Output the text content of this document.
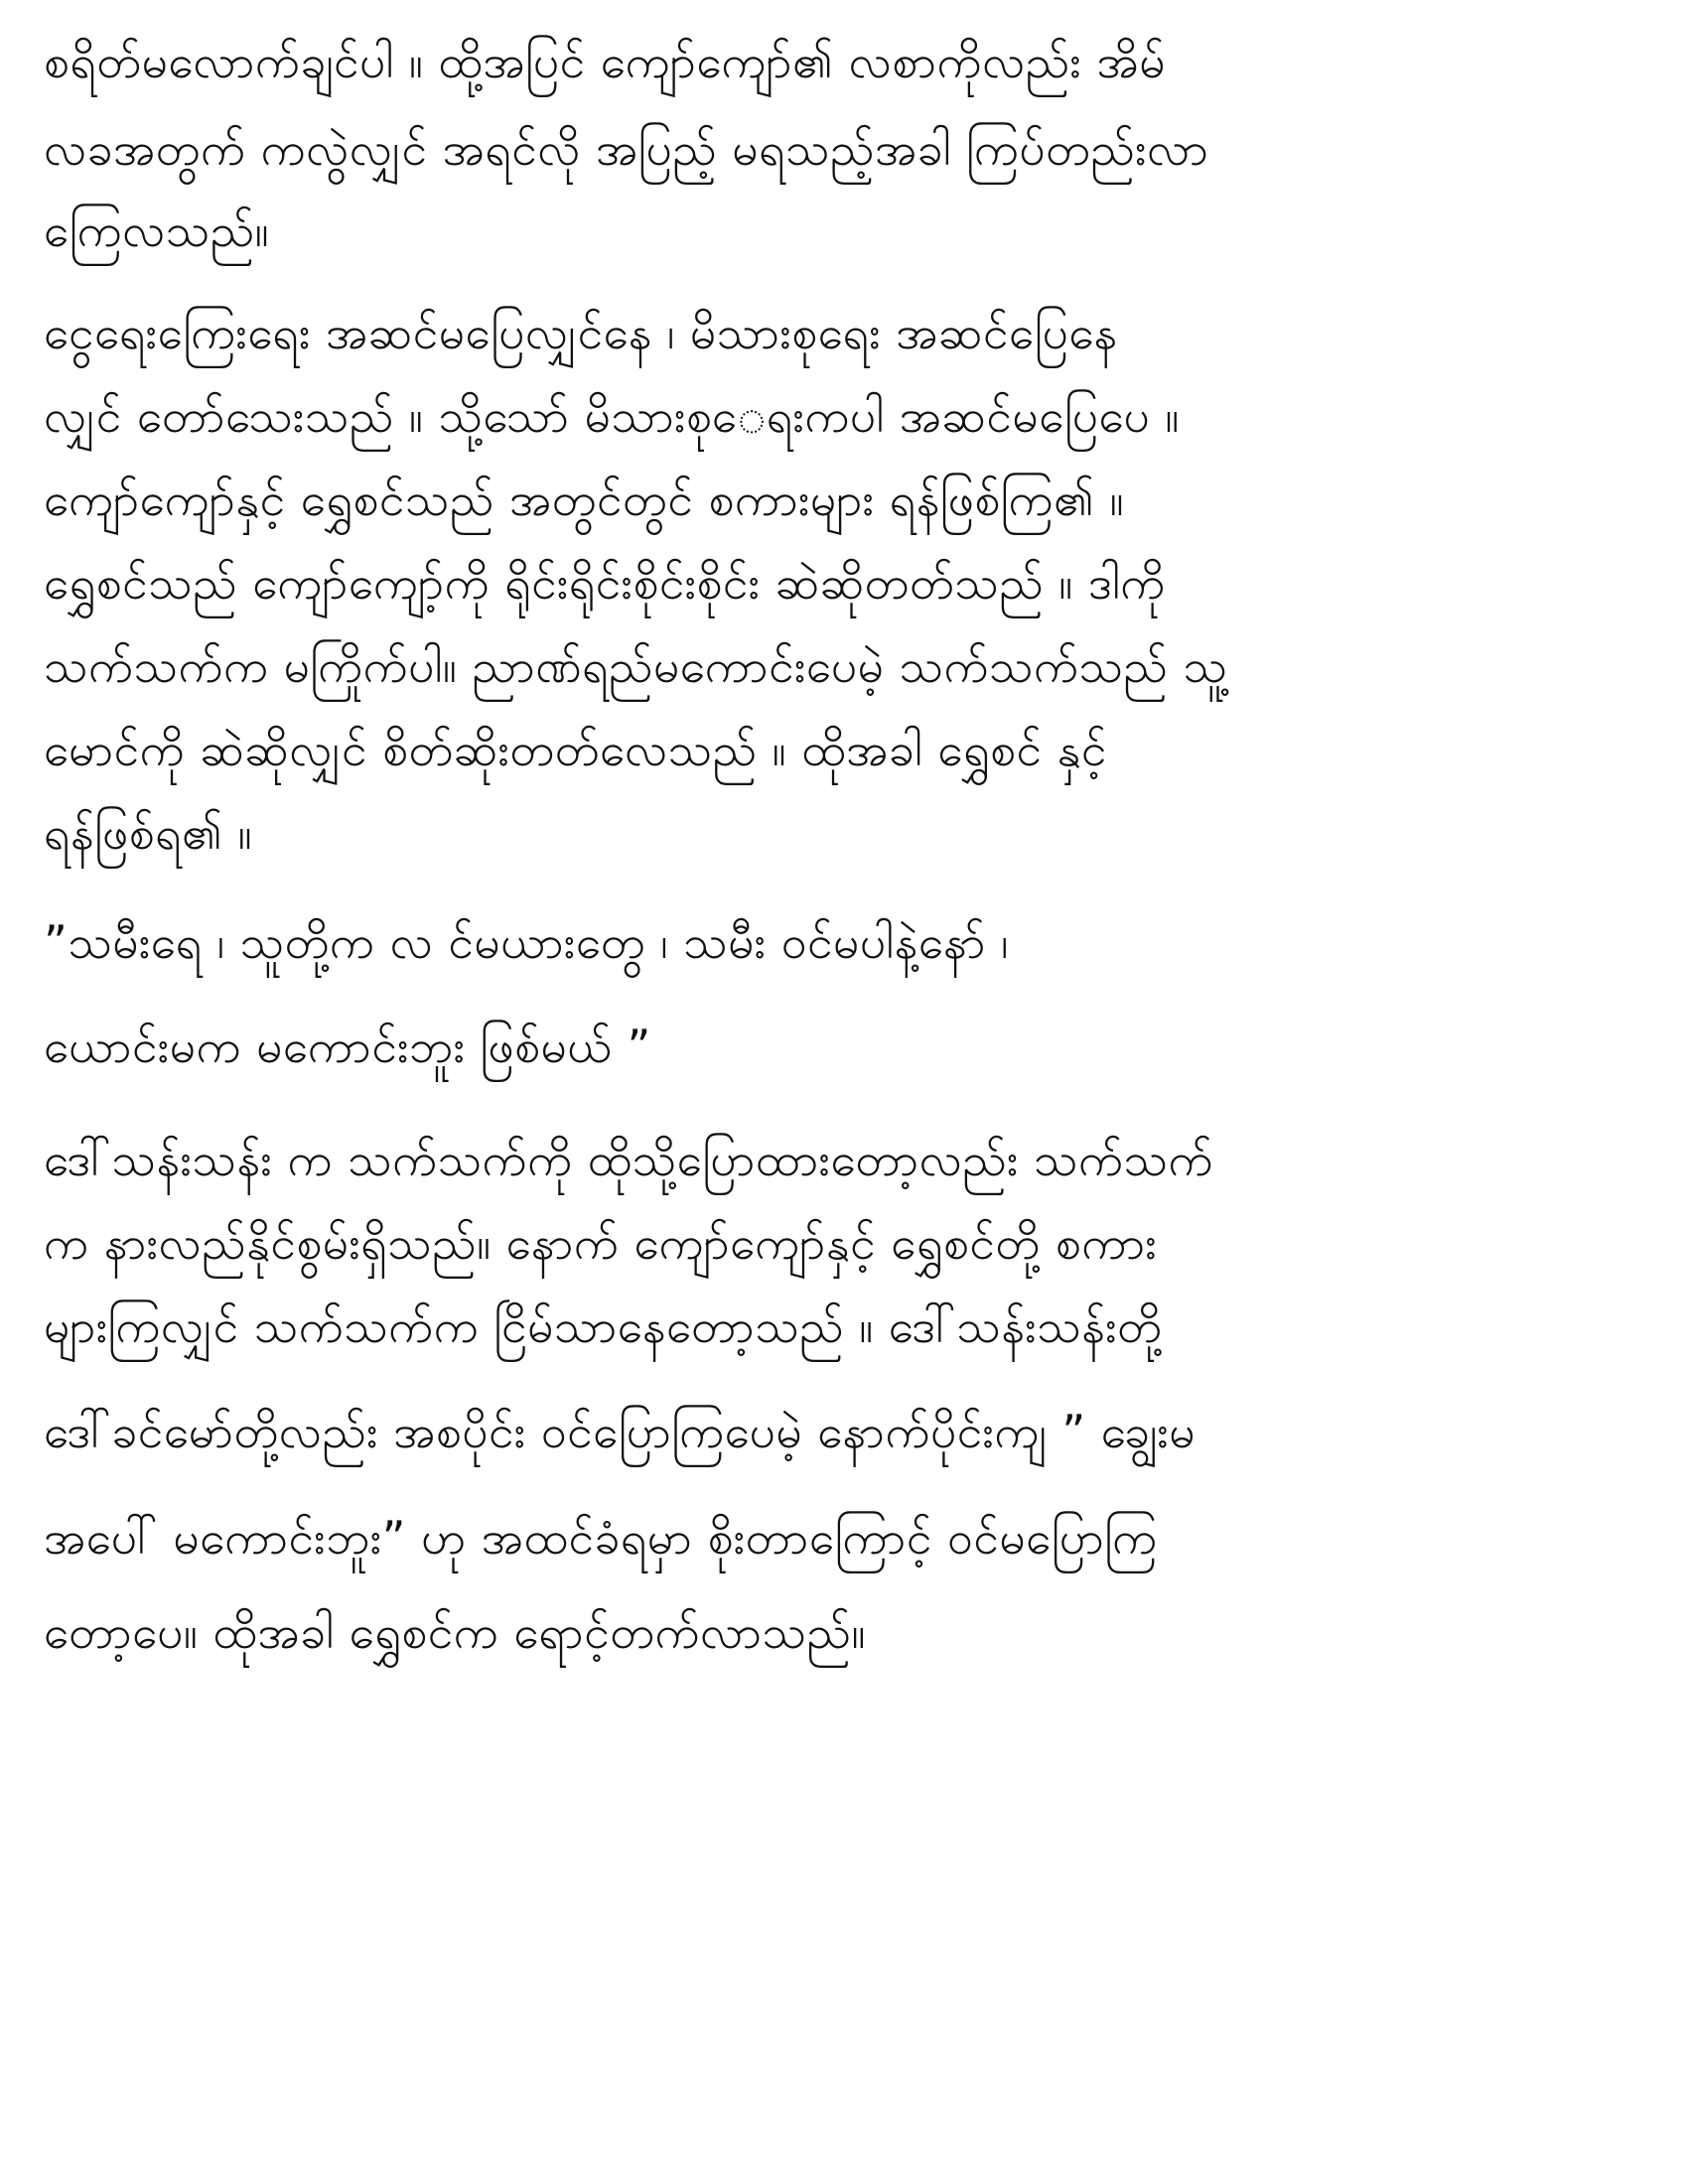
စရိတ်မလောက်ချင်ပါ ။ ထို့အပြင် ကျော်ကျော်၏ လစာကိုလည်း အိမ်
လခအတွက် ကလွဲလျှင် အရင်လို အပြည့် မရသည့်အခါ ကြပ်တည်းလာ
ကြေလသည်။
ငွေရေးကြေးရေး အဆင်မပြေလျှင်နေ ၊ မိသားစုရေး အဆင်ပြေနေ
လျှင် တော်သေးသည် ။ သို့သော် မိသားစုေရးကပါ အဆင်မပြေပေ ။
ကျော်ကျော်နှင့် ရွှေစင်သည် အတွင်တွင် စကားများ ရန်ဖြစ်ကြ၏ ။
ရွှေစင်သည် ကျော်ကျော့်ကို ရိုင်းရိုင်းစိုင်းစိုင်း ဆဲဆိုတတ်သည် ။ ဒါကို
သက်သက်က မကြိုက်ပါ။ ညာဏ်ရည်မကောင်းပေမဲ့ သက်သက်သည် သူ့
မောင်ကို ဆဲဆိုလျှင် စိတ်ဆိုးတတ်လေသည် ။ ထိုအခါ ရွှေစင် နှင့်
ရန်ဖြစ်ရ၏ ။
”သမီးရေ ၊ သူတို့က လ င်မယားတွေ ၊ သမီး ဝင်မပါနဲ့နော် ၊
ယောင်းမက မကောင်းဘူး ဖြစ်မယ် ”
ဒေါ်သန်းသန်း က သက်သက်ကို ထိုသို့ပြောထားတော့လည်း သက်သက်
က နားလည်နိုင်စွမ်းရှိသည်။ နောက် ကျော်ကျော်နှင့် ရွှေစင်တို့ စကား
များကြလျှင် သက်သက်က ငြိမ်သာနေတော့သည် ။ ဒေါ်သန်းသန်းတို့
ဒေါ်ခင်မော်တို့လည်း အစပိုင်း ဝင်ပြောကြပေမဲ့ နောက်ပိုင်းကျ ” ချွေးမ
အပေါ် မကောင်းဘူး” ဟု အထင်ခံရမှာ စိုးတာကြောင့် ဝင်မပြောကြ
တော့ပေ။ ထိုအခါ ရွှေစင်က ရောင့်တက်လာသည်။
